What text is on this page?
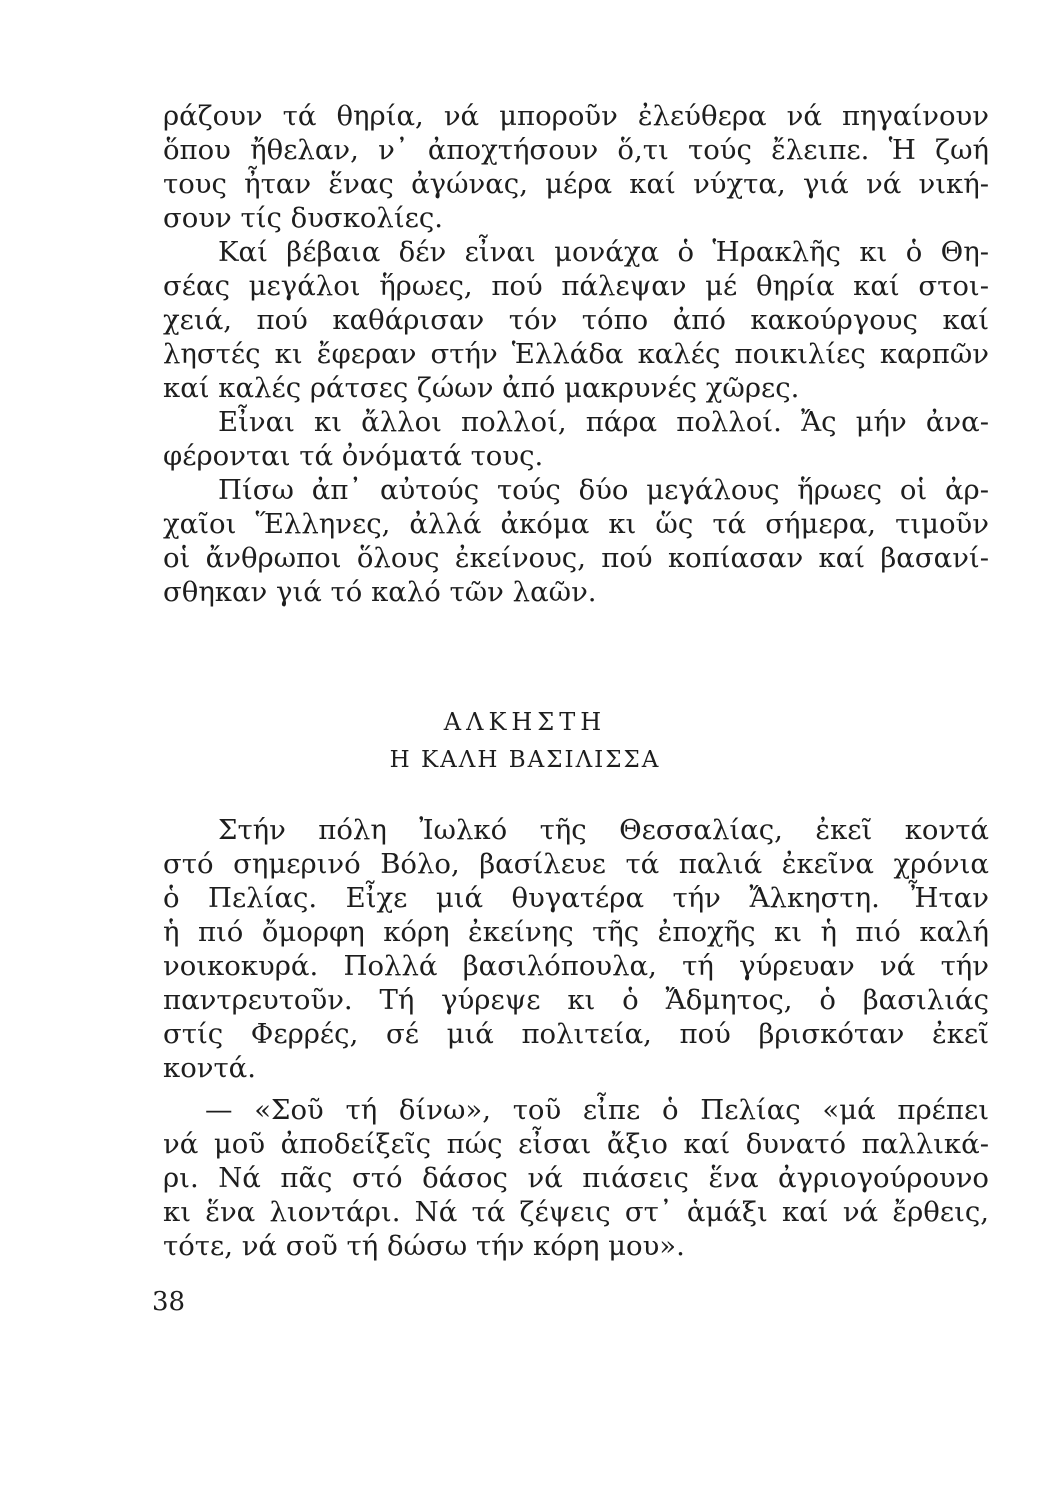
ράζουν τά θηρία, νά μποροῦν ἐλεύθερα νά πηγαίνουν
ὅπου ἤθελαν, ν᾽ ἀποχτήσουν ὅ,τι τούς ἔλειπε. Ἡ ζωή
τους ἦταν ἕνας ἀγώνας, μέρα καί νύχτα, γιά νά νική-
σουν τίς δυσκολίες.
Καί βέβαια δέν εἶναι μονάχα ὁ Ἡρακλῆς κι ὁ Θη-
σέας μεγάλοι ἥρωες, πού πάλεψαν μέ θηρία καί στοι-
χειά, πού καθάρισαν τόν τόπο ἀπό κακούργους καί
ληστές κι ἔφεραν στήν Ἑλλάδα καλές ποικιλίες καρπῶν
καί καλές ράτσες ζώων ἀπό μακρυνές χῶρες.
Εἶναι κι ἄλλοι πολλοί, πάρα πολλοί. Ἄς μήν ἀνα-
φέρονται τά ὀνόματά τους.
Πίσω ἀπ᾽ αὐτούς τούς δύο μεγάλους ἥρωες οἱ ἀρ-
χαῖοι Ἕλληνες, ἀλλά ἀκόμα κι ὥς τά σήμερα, τιμοῦν
οἱ ἄνθρωποι ὅλους ἐκείνους, πού κοπίασαν καί βασανί-
σθηκαν γιά τό καλό τῶν λαῶν.
ΑΛΚΗΣΤΗ
Η ΚΑΛΗ ΒΑΣΙΛΙΣΣΑ
Στήν πόλη Ἰωλκό τῆς Θεσσαλίας, ἐκεῖ κοντά
στό σημερινό Βόλο, βασίλευε τά παλιά ἐκεῖνα χρόνια
ὁ Πελίας. Εἶχε μιά θυγατέρα τήν Ἄλκηστη. Ἦταν
ἡ πιό ὄμορφη κόρη ἐκείνης τῆς ἐποχῆς κι ἡ πιό καλή
νοικοκυρά. Πολλά βασιλόπουλα, τή γύρευαν νά τήν
παντρευτοῦν. Τή γύρεψε κι ὁ Ἄδμητος, ὁ βασιλιάς
στίς Φερρές, σέ μιά πολιτεία, πού βρισκόταν ἐκεῖ
κοντά.
— «Σοῦ τή δίνω», τοῦ εἶπε ὁ Πελίας «μά πρέπει
νά μοῦ ἀποδείξεῖς πώς εἶσαι ἄξιο καί δυνατό παλλικά-
ρι. Νά πᾶς στό δάσος νά πιάσεις ἕνα ἀγριογούρουνο
κι ἕνα λιοντάρι. Νά τά ζέψεις στ᾽ ἁμάξι καί νά ἔρθεις,
τότε, νά σοῦ τή δώσω τήν κόρη μου».
38
